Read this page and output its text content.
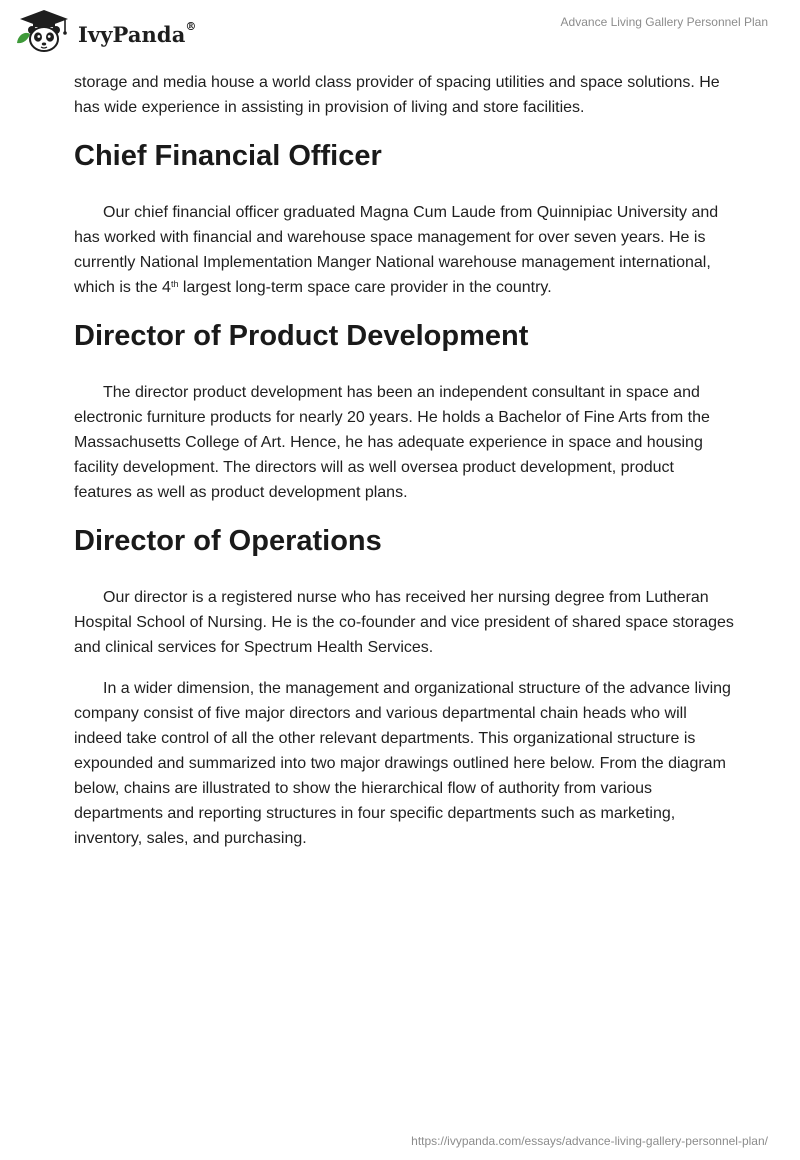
IvyPanda®	Advance Living Gallery Personnel Plan

storage and media house a world class provider of spacing utilities and space solutions. He has wide experience in assisting in provision of living and store facilities.

Chief Financial Officer

Our chief financial officer graduated Magna Cum Laude from Quinnipiac University and has worked with financial and warehouse space management for over seven years. He is currently National Implementation Manger National warehouse management international, which is the 4th largest long-term space care provider in the country.

Director of Product Development

The director product development has been an independent consultant in space and electronic furniture products for nearly 20 years. He holds a Bachelor of Fine Arts from the Massachusetts College of Art. Hence, he has adequate experience in space and housing facility development. The directors will as well oversea product development, product features as well as product development plans.

Director of Operations

Our director is a registered nurse who has received her nursing degree from Lutheran Hospital School of Nursing. He is the co-founder and vice president of shared space storages and clinical services for Spectrum Health Services.

In a wider dimension, the management and organizational structure of the advance living company consist of five major directors and various departmental chain heads who will indeed take control of all the other relevant departments. This organizational structure is expounded and summarized into two major drawings outlined here below. From the diagram below, chains are illustrated to show the hierarchical flow of authority from various departments and reporting structures in four specific departments such as marketing, inventory, sales, and purchasing.

https://ivypanda.com/essays/advance-living-gallery-personnel-plan/
